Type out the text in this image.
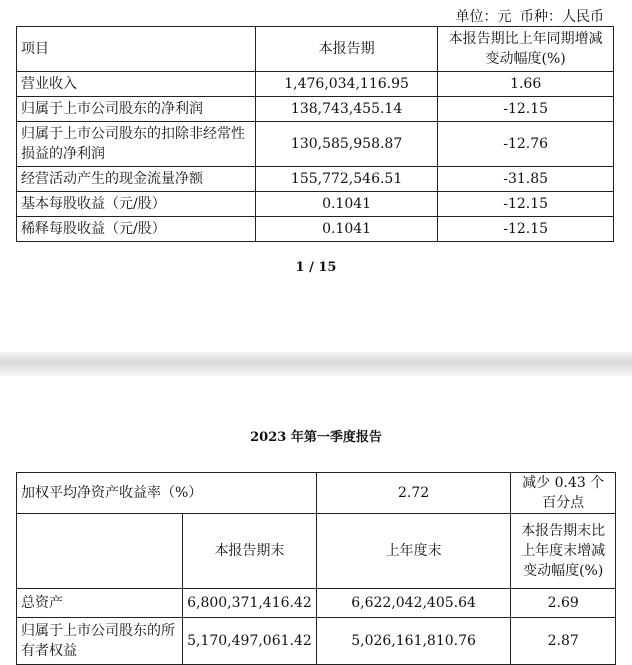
单位：元 币种：人民币
项目	本报告期	本报告期比上年同期增减变动幅度(%)
营业收入	1,476,034,116.95	1.66
归属于上市公司股东的净利润	138,743,455.14	-12.15
归属于上市公司股东的扣除非经常性损益的净利润	130,585,958.87	-12.76
经营活动产生的现金流量净额	155,772,546.51	-31.85
基本每股收益（元/股）	0.1041	-12.15
稀释每股收益（元/股）	0.1041	-12.15
1 / 15
2023 年第一季度报告
加权平均净资产收益率（%）		2.72	减少 0.43 个百分点
	本报告期末	上年度末	本报告期末比上年度末增减变动幅度(%)
总资产	6,800,371,416.42	6,622,042,405.64	2.69
归属于上市公司股东的所有者权益	5,170,497,061.42	5,026,161,810.76	2.87
